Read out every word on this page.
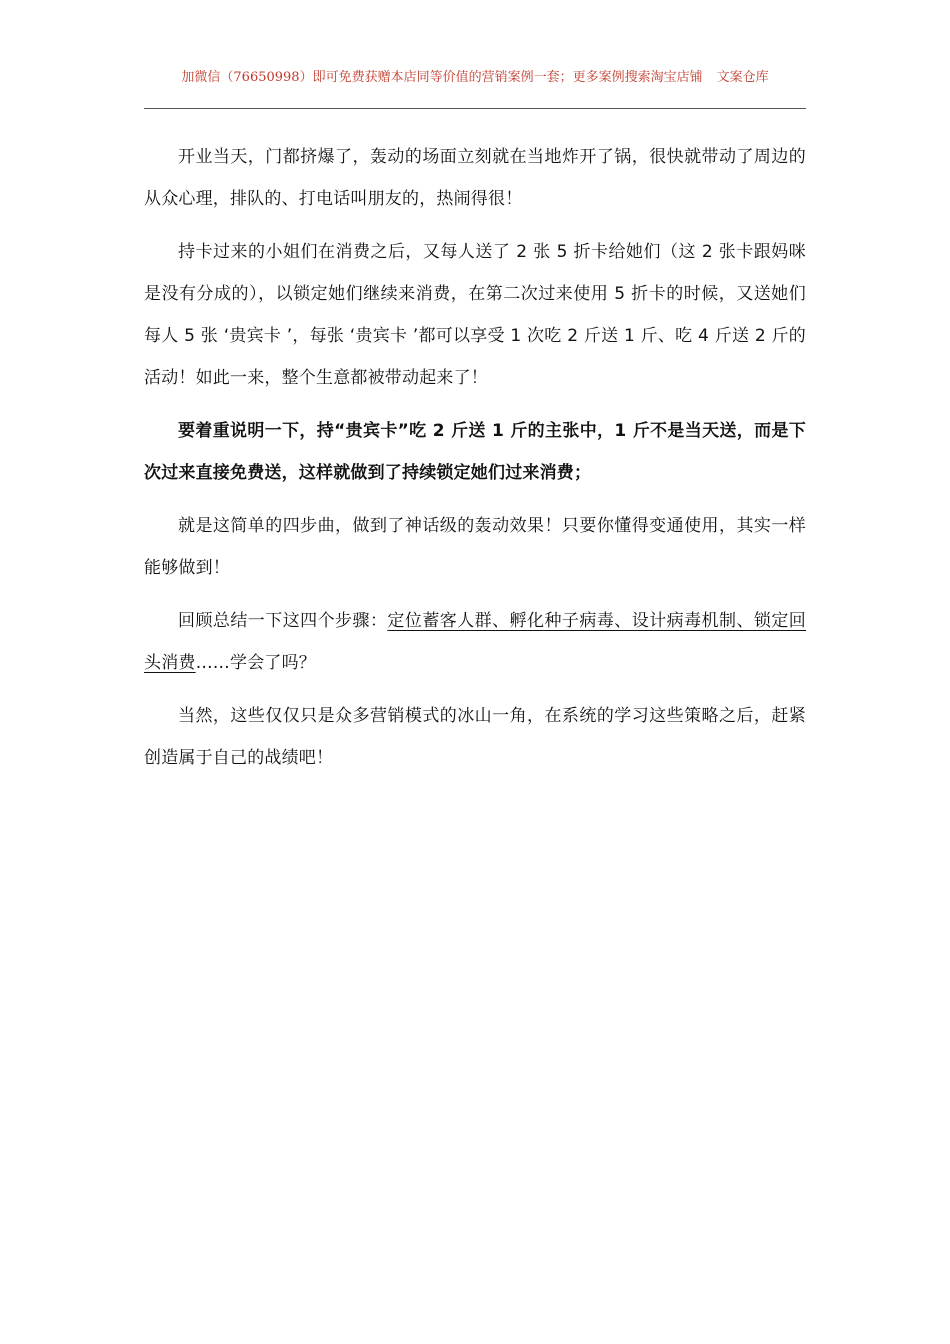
加微信（76650998）即可免费获赠本店同等价值的营销案例一套；更多案例搜索淘宝店铺 文案仓库

开业当天，门都挤爆了，轰动的场面立刻就在当地炸开了锅，很快就带动了周边的从众心理，排队的、打电话叫朋友的，热闹得很！

持卡过来的小姐们在消费之后，又每人送了 2 张 5 折卡给她们（这 2 张卡跟妈咪是没有分成的），以锁定她们继续来消费，在第二次过来使用 5 折卡的时候，又送她们每人 5 张 ‘贵宾卡 ’，每张 ‘贵宾卡 ’都可以享受 1 次吃 2 斤送 1 斤、吃 4 斤送 2 斤的活动！如此一来，整个生意都被带动起来了！

要着重说明一下，持“贵宾卡”吃 2 斤送 1 斤的主张中，1 斤不是当天送，而是下次过来直接免费送，这样就做到了持续锁定她们过来消费；

就是这简单的四步曲，做到了神话级的轰动效果！只要你懂得变通使用，其实一样能够做到！

回顾总结一下这四个步骤：定位蓄客人群、孵化种子病毒、设计病毒机制、锁定回头消费……学会了吗？

当然，这些仅仅只是众多营销模式的冰山一角，在系统的学习这些策略之后，赶紧创造属于自己的战绩吧！
